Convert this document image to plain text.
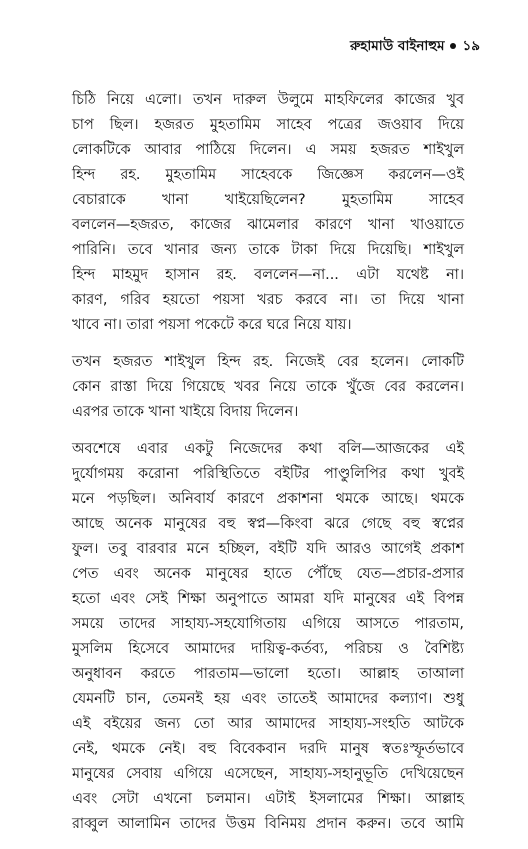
রুহামাউ বাইনাহুম ১৯
চিঠি নিয়ে এলো। তখন দারুল উলুমে মাহফিলের কাজের খুব
চাপ ছিল। হজরত মুহতামিম সাহেব পত্রের জওয়াব দিয়ে
লোকটিকে আবার পাঠিয়ে দিলেন। এ সময় হজরত শাইখুল
হিন্দ রহ. মুহতামিম সাহেবকে জিজ্ঞেস করলেন—ওই
বেচারাকে খানা খাইয়েছিলেন? মুহতামিম সাহেব
বললেন—হজরত, কাজের ঝামেলার কারণে খানা খাওয়াতে
পারিনি। তবে খানার জন্য তাকে টাকা দিয়ে দিয়েছি। শাইখুল
হিন্দ মাহমুদ হাসান রহ. বললেন—না... এটা যথেষ্ট না।
কারণ, গরিব হয়তো পয়সা খরচ করবে না। তা দিয়ে খানা
খাবে না। তারা পয়সা পকেটে করে ঘরে নিয়ে যায়।
তখন হজরত শাইখুল হিন্দ রহ. নিজেই বের হলেন। লোকটি
কোন রাস্তা দিয়ে গিয়েছে খবর নিয়ে তাকে খুঁজে বের করলেন।
এরপর তাকে খানা খাইয়ে বিদায় দিলেন।
অবশেষে এবার একটু নিজেদের কথা বলি—আজকের এই
দুর্যোগময় করোনা পরিস্থিতিতে বইটির পাণ্ডুলিপির কথা খুবই
মনে পড়ছিল। অনিবার্য কারণে প্রকাশনা থমকে আছে। থমকে
আছে অনেক মানুষের বহু স্বপ্ন—কিংবা ঝরে গেছে বহু স্বপ্নের
ফুল। তবু বারবার মনে হচ্ছিল, বইটি যদি আরও আগেই প্রকাশ
পেত এবং অনেক মানুষের হাতে পৌঁছে যেত—প্রচার-প্রসার
হতো এবং সেই শিক্ষা অনুপাতে আমরা যদি মানুষের এই বিপন্ন
সময়ে তাদের সাহায্য-সহযোগিতায় এগিয়ে আসতে পারতাম,
মুসলিম হিসেবে আমাদের দায়িত্ব-কর্তব্য, পরিচয় ও বৈশিষ্ট্য
অনুধাবন করতে পারতাম—ভালো হতো। আল্লাহ তাআলা
যেমনটি চান, তেমনই হয় এবং তাতেই আমাদের কল্যাণ। শুধু
এই বইয়ের জন্য তো আর আমাদের সাহায্য-সংহতি আটকে
নেই, থমকে নেই। বহু বিবেকবান দরদি মানুষ স্বতঃস্ফূর্তভাবে
মানুষের সেবায় এগিয়ে এসেছেন, সাহায্য-সহানুভূতি দেখিয়েছেন
এবং সেটা এখনো চলমান। এটাই ইসলামের শিক্ষা। আল্লাহ
রাব্বুল আলামিন তাদের উত্তম বিনিময় প্রদান করুন। তবে আমি
